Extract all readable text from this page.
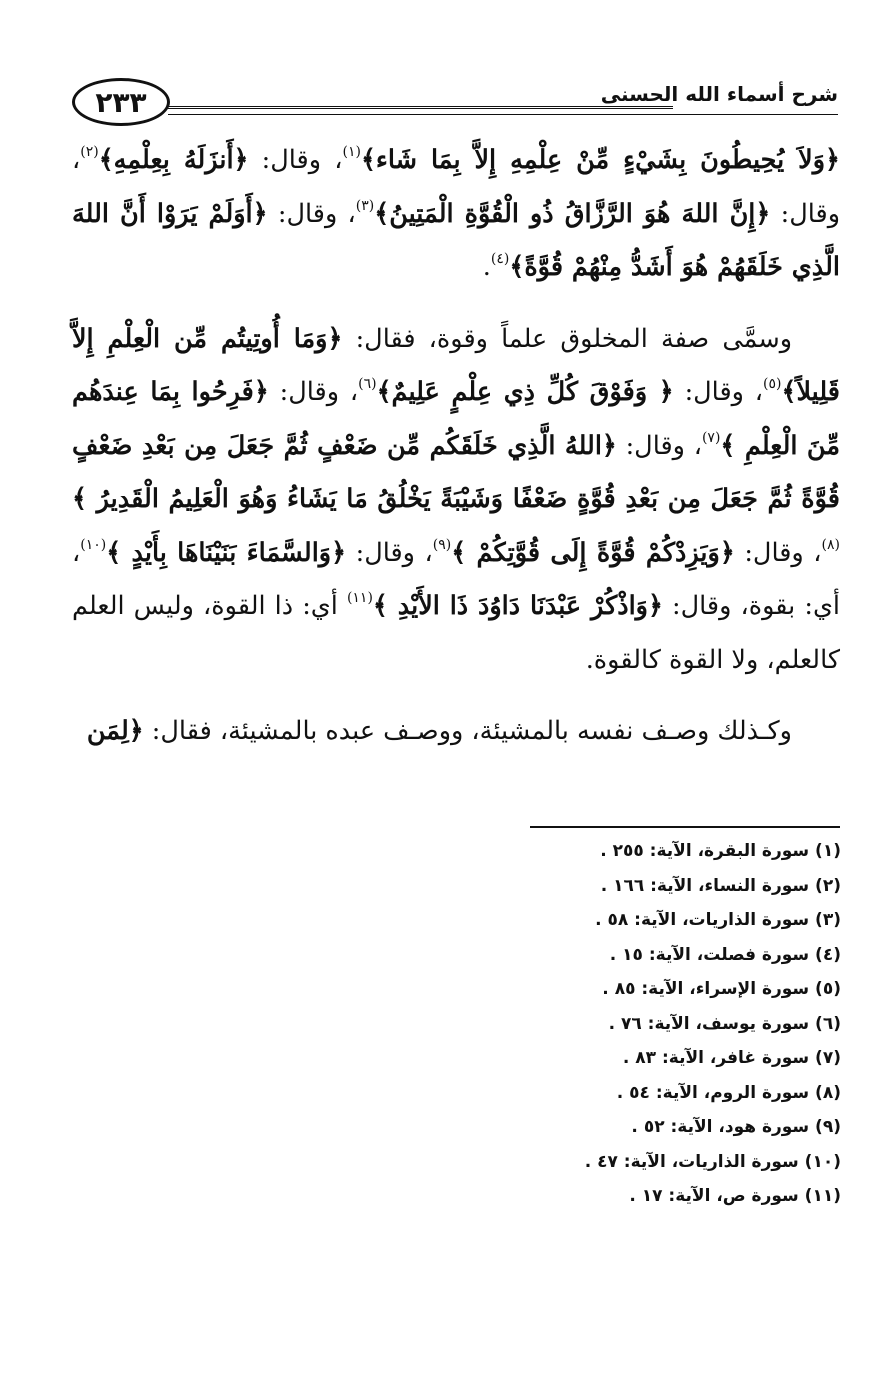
٢٣٣	شرح أسماء الله الحسنى

﴿وَلاَ يُحِيطُونَ بِشَيْءٍ مِّنْ عِلْمِهِ إِلاَّ بِمَا شَاء﴾$^{(١)}$، وقال: ﴿أَنزَلَهُ بِعِلْمِهِ﴾$^{(٢)}$، وقال: ﴿إِنَّ اللهَ هُوَ الرَّزَّاقُ ذُو الْقُوَّةِ الْمَتِينُ﴾$^{(٣)}$، وقال: ﴿أَوَلَمْ يَرَوْا أَنَّ اللهَ الَّذِي خَلَقَهُمْ هُوَ أَشَدُّ مِنْهُمْ قُوَّةً﴾$^{(٤)}$.

وسمَّى صفة المخلوق علماً وقوة، فقال: ﴿وَمَا أُوتِيتُم مِّن الْعِلْمِ إِلاَّ قَلِيلاً﴾$^{(٥)}$، وقال: ﴿ وَفَوْقَ كُلِّ ذِي عِلْمٍ عَلِيمٌ﴾$^{(٦)}$، وقال: ﴿فَرِحُوا بِمَا عِندَهُم مِّنَ الْعِلْمِ ﴾$^{(٧)}$، وقال: ﴿اللهُ الَّذِي خَلَقَكُم مِّن ضَعْفٍ ثُمَّ جَعَلَ مِن بَعْدِ ضَعْفٍ قُوَّةً ثُمَّ جَعَلَ مِن بَعْدِ قُوَّةٍ ضَعْفًا وَشَيْبَةً يَخْلُقُ مَا يَشَاءُ وَهُوَ الْعَلِيمُ الْقَدِيرُ ﴾$^{(٨)}$، وقال: ﴿وَيَزِدْكُمْ قُوَّةً إِلَى قُوَّتِكُمْ ﴾$^{(٩)}$، وقال: ﴿وَالسَّمَاءَ بَنَيْنَاهَا بِأَيْدٍ ﴾$^{(١٠)}$، أي: بقوة، وقال: ﴿وَاذْكُرْ عَبْدَنَا دَاوُدَ ذَا الأَيْدِ ﴾$^{(١١)}$ أي: ذا القوة، وليس العلم كالعلم، ولا القوة كالقوة.

وكـذلك وصـف نفسه بالمشيئة، ووصـف عبده بالمشيئة، فقال: ﴿لِمَن

(١) سورة البقرة، الآية: ٢٥٥ .
(٢) سورة النساء، الآية: ١٦٦ .
(٣) سورة الذاريات، الآية: ٥٨ .
(٤) سورة فصلت، الآية: ١٥ .
(٥) سورة الإسراء، الآية: ٨٥ .
(٦) سورة يوسف، الآية: ٧٦ .
(٧) سورة غافر، الآية: ٨٣ .
(٨) سورة الروم، الآية: ٥٤ .
(٩) سورة هود، الآية: ٥٢ .
(١٠) سورة الذاريات، الآية: ٤٧ .
(١١) سورة ص، الآية: ١٧ .
